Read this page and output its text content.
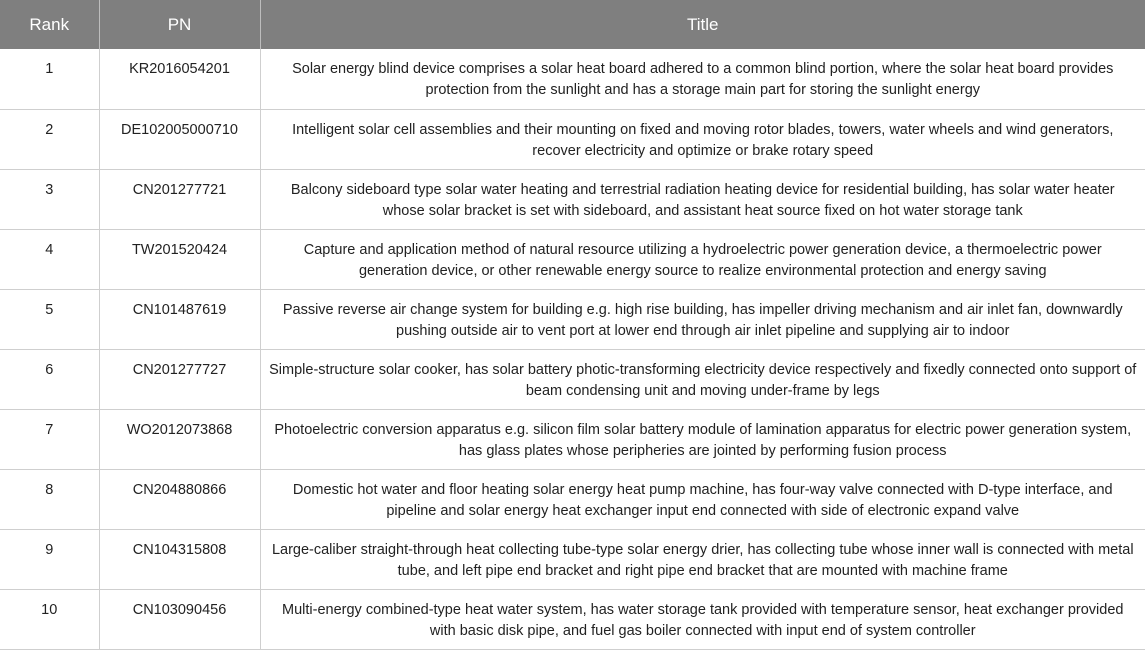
Rank	PN	Title
1	KR2016054201	Solar energy blind device comprises a solar heat board adhered to a common blind portion, where the solar heat board provides protection from the sunlight and has a storage main part for storing the sunlight energy
2	DE102005000710	Intelligent solar cell assemblies and their mounting on fixed and moving rotor blades, towers, water wheels and wind generators, recover electricity and optimize or brake rotary speed
3	CN201277721	Balcony sideboard type solar water heating and terrestrial radiation heating device for residential building, has solar water heater whose solar bracket is set with sideboard, and assistant heat source fixed on hot water storage tank
4	TW201520424	Capture and application method of natural resource utilizing a hydroelectric power generation device, a thermoelectric power generation device, or other renewable energy source to realize environmental protection and energy saving
5	CN101487619	Passive reverse air change system for building e.g. high rise building, has impeller driving mechanism and air inlet fan, downwardly pushing outside air to vent port at lower end through air inlet pipeline and supplying air to indoor
6	CN201277727	Simple-structure solar cooker, has solar battery photic-transforming electricity device respectively and fixedly connected onto support of beam condensing unit and moving under-frame by legs
7	WO2012073868	Photoelectric conversion apparatus e.g. silicon film solar battery module of lamination apparatus for electric power generation system, has glass plates whose peripheries are jointed by performing fusion process
8	CN204880866	Domestic hot water and floor heating solar energy heat pump machine, has four-way valve connected with D-type interface, and pipeline and solar energy heat exchanger input end connected with side of electronic expand valve
9	CN104315808	Large-caliber straight-through heat collecting tube-type solar energy drier, has collecting tube whose inner wall is connected with metal tube, and left pipe end bracket and right pipe end bracket that are mounted with machine frame
10	CN103090456	Multi-energy combined-type heat water system, has water storage tank provided with temperature sensor, heat exchanger provided with basic disk pipe, and fuel gas boiler connected with input end of system controller
